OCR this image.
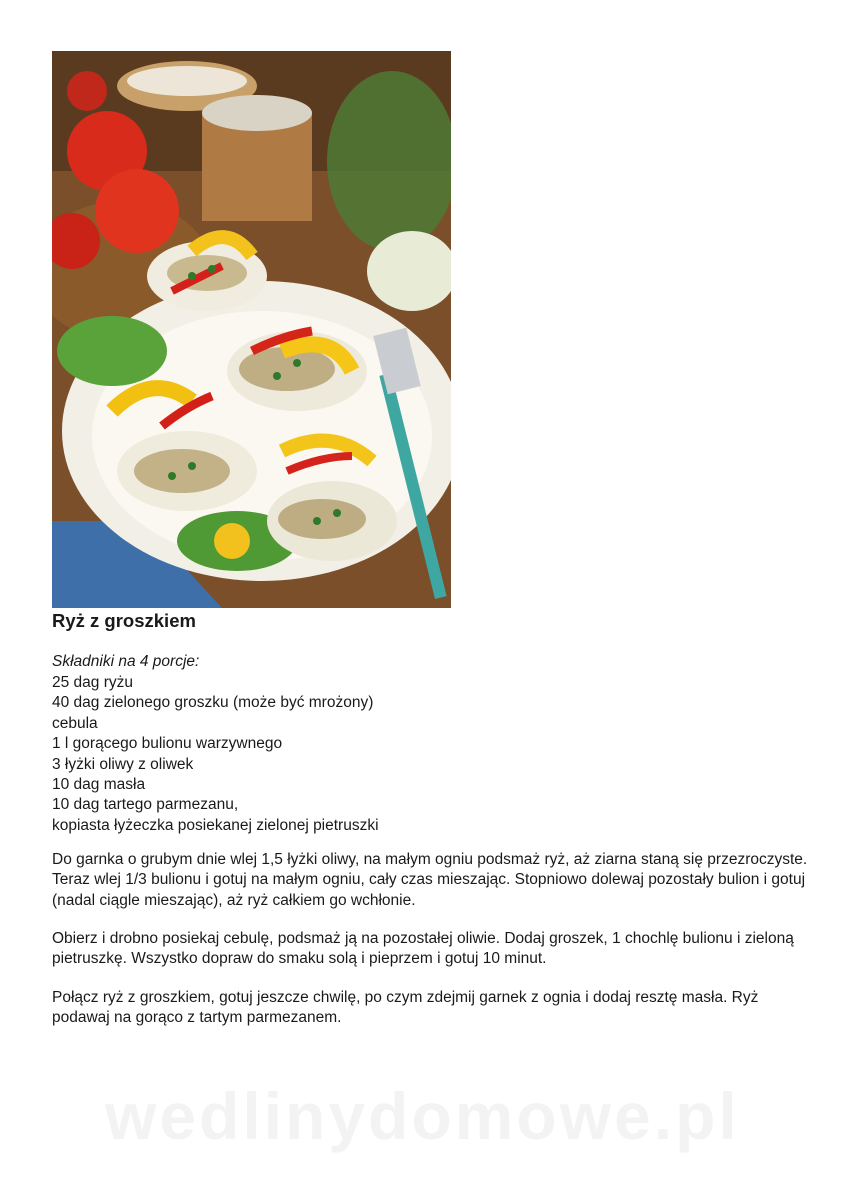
Ryż z groszkiem
Składniki na 4 porcje:
25 dag ryżu
40 dag zielonego groszku (może być mrożony)
cebula
1 l gorącego bulionu warzywnego
3 łyżki oliwy z oliwek
10 dag masła
10 dag tartego parmezanu,
kopiasta łyżeczka posiekanej zielonej pietruszki

Do garnka o grubym dnie wlej 1,5 łyżki oliwy, na małym ogniu podsmaż ryż, aż ziarna staną się przezroczyste. Teraz wlej 1/3 bulionu i gotuj na małym ogniu, cały czas mieszając. Stopniowo dolewaj pozostały bulion i gotuj (nadal ciągle mieszając), aż ryż całkiem go wchłonie.

Obierz i drobno posiekaj cebulę, podsmaż ją na pozostałej oliwie. Dodaj groszek, 1 chochlę bulionu i zieloną pietruszkę. Wszystko dopraw do smaku solą i pieprzem i gotuj 10 minut.

Połącz ryż z groszkiem, gotuj jeszcze chwilę, po czym zdejmij garnek z ognia i dodaj resztę masła. Ryż podawaj na gorąco z tartym parmezanem.

wedlinydomowe.pl
